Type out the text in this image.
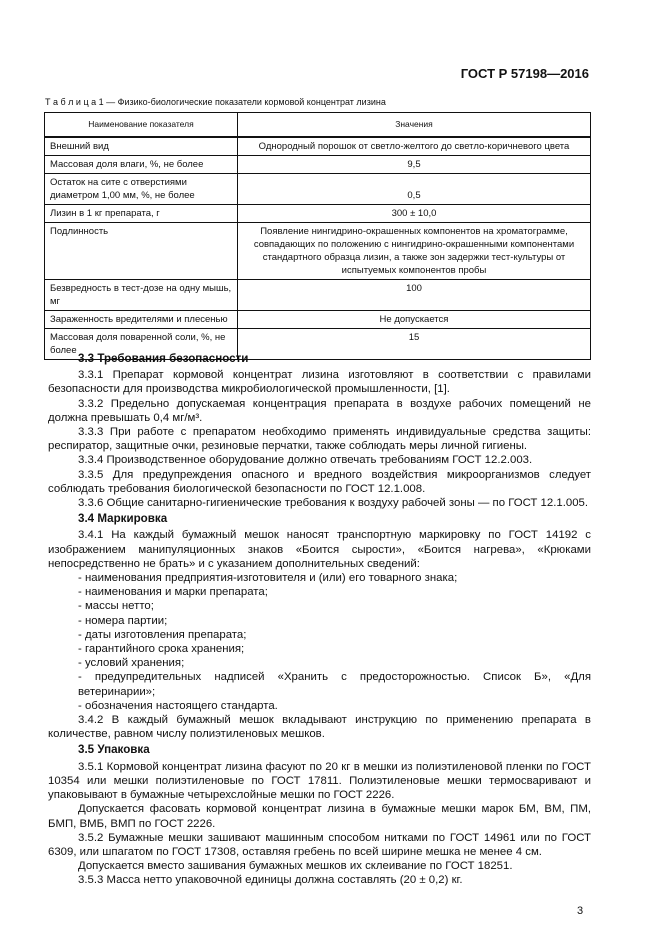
ГОСТ Р 57198—2016
Т а б л и ц а 1 — Физико-биологические показатели кормовой концентрат лизина
Наименование показателя	Значения
Внешний вид	Однородный порошок от светло-желтого до светло-коричневого цвета
Массовая доля влаги, %, не более	9,5
Остаток на сите с отверстиями диаметром 1,00 мм, %, не более	0,5
Лизин в 1 кг препарата, г	300 ± 10,0
Подлинность	Появление нингидрино-окрашенных компонентов на хроматограмме, совпадающих по положению с нингидрино-окрашенными компонентами стандартного образца лизин, а также зон задержки тест-культуры от испытуемых компонентов пробы
Безвредность в тест-дозе на одну мышь, мг	100
Зараженность вредителями и плесенью	Не допускается
Массовая доля поваренной соли, %, не более	15
3.3 Требования безопасности

3.3.1 Препарат кормовой концентрат лизина изготовляют в соответствии с правилами безопасности для производства микробиологической промышленности, [1].

3.3.2 Предельно допускаемая концентрация препарата в воздухе рабочих помещений не должна превышать 0,4 мг/м³.

3.3.3 При работе с препаратом необходимо применять индивидуальные средства защиты: респиратор, защитные очки, резиновые перчатки, также соблюдать меры личной гигиены.

3.3.4 Производственное оборудование должно отвечать требованиям ГОСТ 12.2.003.

3.3.5 Для предупреждения опасного и вредного воздействия микроорганизмов следует соблюдать требования биологической безопасности по ГОСТ 12.1.008.

3.3.6 Общие санитарно-гигиенические требования к воздуху рабочей зоны — по ГОСТ 12.1.005.

3.4 Маркировка

3.4.1 На каждый бумажный мешок наносят транспортную маркировку по ГОСТ 14192 с изображением манипуляционных знаков «Боится сырости», «Боится нагрева», «Крюками непосредственно не брать» и с указанием дополнительных сведений:

- наименования предприятия-изготовителя и (или) его товарного знака;

- наименования и марки препарата;

- массы нетто;

- номера партии;

- даты изготовления препарата;

- гарантийного срока хранения;

- условий хранения;

- предупредительных надписей «Хранить с предосторожностью. Список Б», «Для ветеринарии»;

- обозначения настоящего стандарта.

3.4.2 В каждый бумажный мешок вкладывают инструкцию по применению препарата в количестве, равном числу полиэтиленовых мешков.

3.5 Упаковка

3.5.1 Кормовой концентрат лизина фасуют по 20 кг в мешки из полиэтиленовой пленки по ГОСТ 10354 или мешки полиэтиленовые по ГОСТ 17811. Полиэтиленовые мешки термосваривают и упаковывают в бумажные четырехслойные мешки по ГОСТ 2226.

Допускается фасовать кормовой концентрат лизина в бумажные мешки марок БМ, ВМ, ПМ, БМП, ВМБ, ВМП по ГОСТ 2226.

3.5.2 Бумажные мешки зашивают машинным способом нитками по ГОСТ 14961 или по ГОСТ 6309, или шпагатом по ГОСТ 17308, оставляя гребень по всей ширине мешка не менее 4 см.

Допускается вместо зашивания бумажных мешков их склеивание по ГОСТ 18251.

3.5.3 Масса нетто упаковочной единицы должна составлять (20 ± 0,2) кг.

3
